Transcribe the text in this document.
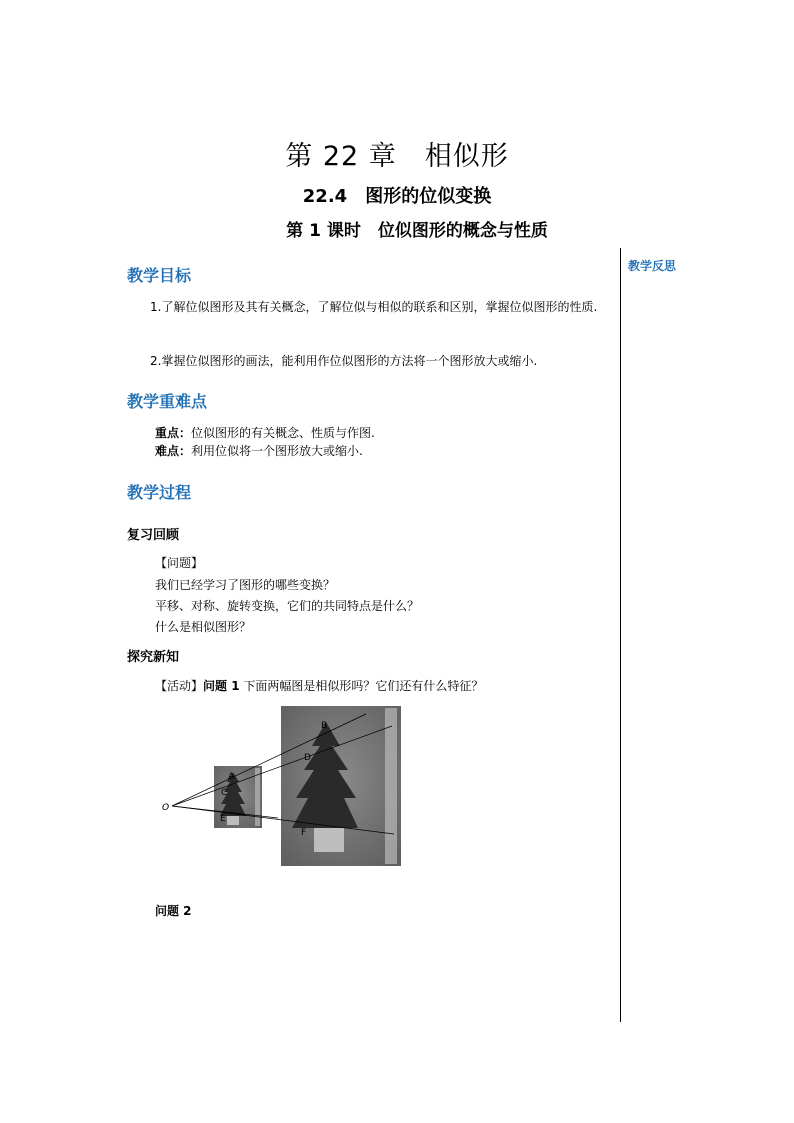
第 22 章　相似形
22.4　图形的位似变换
第 1 课时　位似图形的概念与性质
教学反思
教学目标
1.了解位似图形及其有关概念，了解位似与相似的联系和区别，掌握位似图形的性质.
2.掌握位似图形的画法，能利用作位似图形的方法将一个图形放大或缩小.
教学重难点
重点：位似图形的有关概念、性质与作图.
难点：利用位似将一个图形放大或缩小.
教学过程
复习回顾
【问题】
我们已经学习了图形的哪些变换？
平移、对称、旋转变换，它们的共同特点是什么？
什么是相似图形？
探究新知
【活动】问题 1 下面两幅图是相似形吗？它们还有什么特征？
O
A
B
C
D
E
F
问题 2
